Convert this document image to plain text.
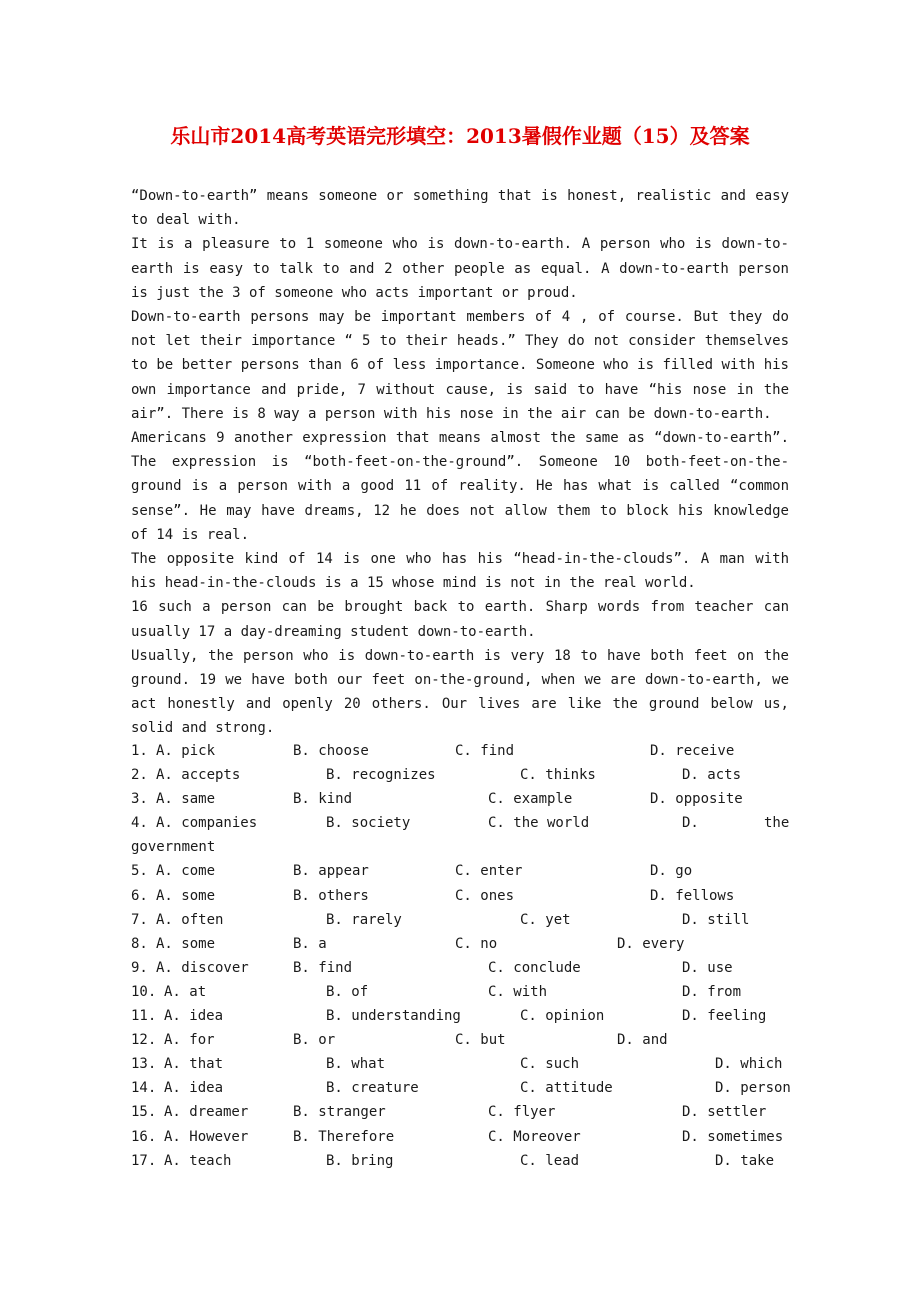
乐山市2014高考英语完形填空：2013暑假作业题（15）及答案

“Down-to-earth” means someone or something that is honest, realistic and easy to deal with.

It is a pleasure to 1 someone who is down-to-earth. A person who is down-to-earth is easy to talk to and 2 other people as equal. A down-to-earth person is just the 3 of someone who acts important or proud.

Down-to-earth persons may be important members of 4 , of course. But they do not let their importance “ 5 to their heads.” They do not consider themselves to be better persons than 6 of less importance. Someone who is filled with his own importance and pride, 7 without cause, is said to have “his nose in the air”. There is 8 way a person with his nose in the air can be down-to-earth.

Americans 9 another expression that means almost the same as “down-to-earth”. The expression is “both-feet-on-the-ground”. Someone 10 both-feet-on-the-ground is a person with a good 11 of reality. He has what is called “common sense”. He may have dreams, 12 he does not allow them to block his knowledge of 14 is real.

The opposite kind of 14 is one who has his “head-in-the-clouds”. A man with his head-in-the-clouds is a 15 whose mind is not in the real world.

16 such a person can be brought back to earth. Sharp words from teacher can usually 17 a day-dreaming student down-to-earth.

Usually, the person who is down-to-earth is very 18 to have both feet on the ground. 19 we have both our feet on-the-ground, when we are down-to-earth, we act honestly and openly 20 others. Our lives are like the ground below us, solid and strong.

1. A. pick	B. choose	C. find	D. receive
2. A. accepts	B. recognizes	C. thinks	D. acts
3. A. same	B. kind	C. example	D. opposite
4. A. companies	B. society	C. the world	D.	the
government
5. A. come	B. appear	C. enter	D. go
6. A. some	B. others	C. ones	D. fellows
7. A. often	B. rarely	C. yet	D. still
8. A. some	B. a	C. no	D. every
9. A. discover	B. find	C. conclude	D. use
10. A. at	B. of	C. with	D. from
11. A. idea	B. understanding	C. opinion	D. feeling
12. A. for	B. or	C. but	D. and
13. A. that	B. what	C. such	D. which
14. A. idea	B. creature	C. attitude	D. person
15. A. dreamer	B. stranger	C. flyer	D. settler
16. A. However	B. Therefore	C. Moreover	D. sometimes
17. A. teach	B. bring	C. lead	D. take
